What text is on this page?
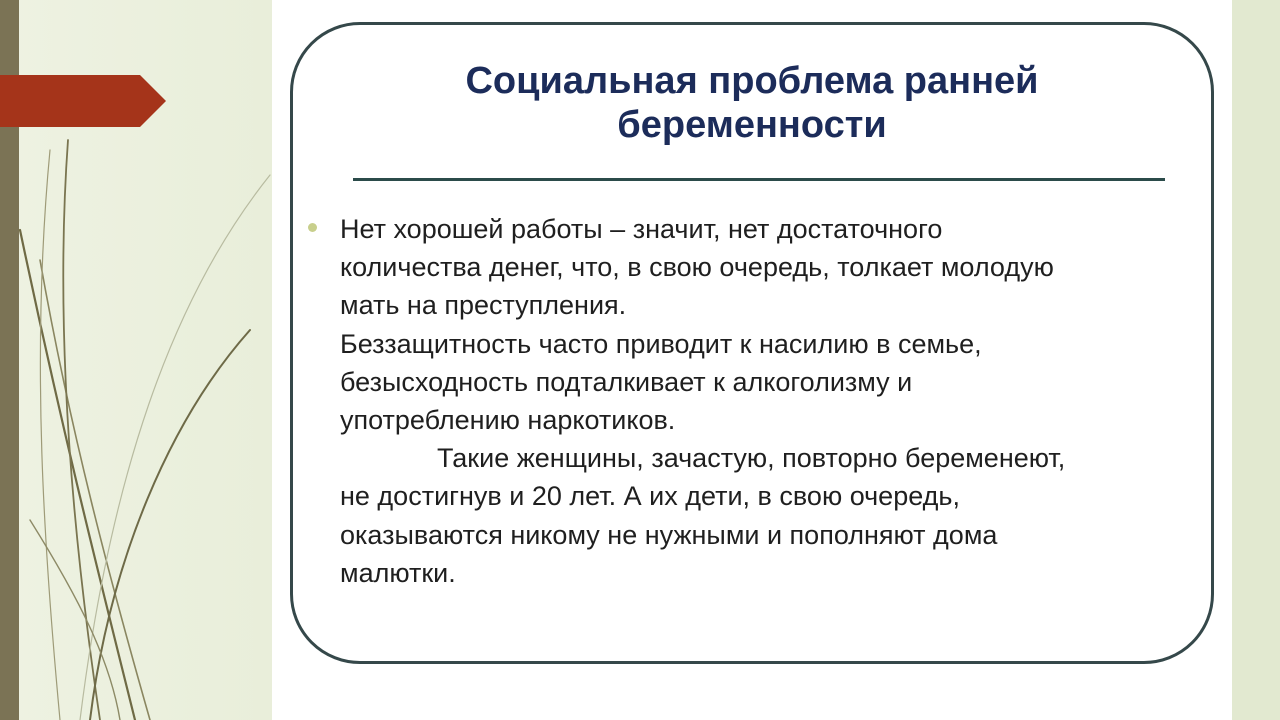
Социальная проблема ранней
беременности
Нет хорошей работы – значит, нет достаточного
количества денег, что, в свою очередь, толкает молодую
мать на преступления.
Беззащитность часто приводит к насилию в семье,
безысходность подталкивает к алкоголизму и
употреблению наркотиков.
Такие женщины, зачастую, повторно беременеют,
не достигнув и 20 лет. А их дети, в свою очередь,
оказываются никому не нужными и пополняют дома
малютки.
